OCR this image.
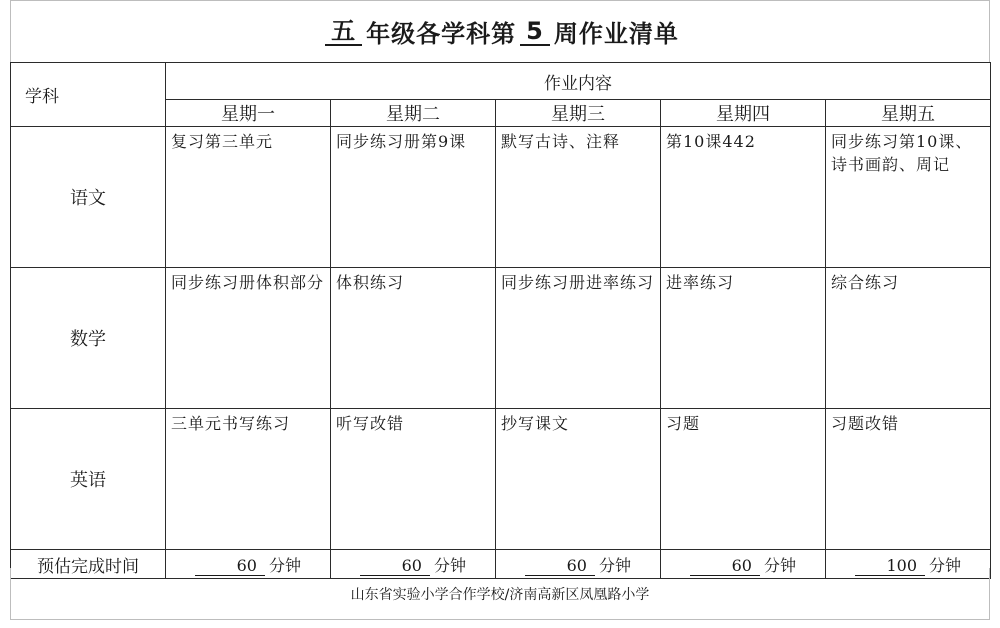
五 年级各学科第 5 周作业清单
学科	作业内容				
	星期一	星期二	星期三	星期四	星期五
语文	复习第三单元	同步练习册第9课	默写古诗、注释	第10课442	同步练习第10课、诗书画韵、周记
数学	同步练习册体积部分	体积练习	同步练习册进率练习	进率练习	综合练习
英语	三单元书写练习	听写改错	抄写课文	习题	习题改错
预估完成时间	60 分钟	60 分钟	60 分钟	60 分钟	100 分钟
山东省实验小学合作学校/济南高新区凤凰路小学
